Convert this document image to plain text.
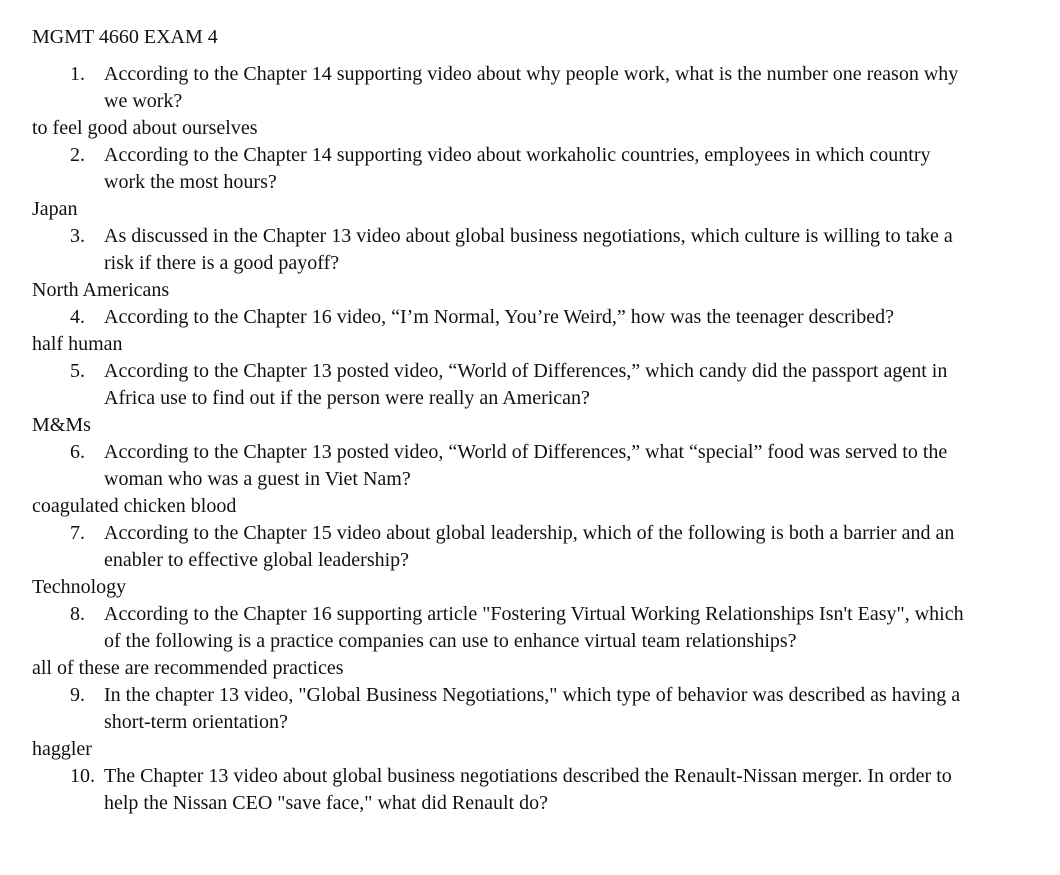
MGMT 4660 EXAM 4
1. According to the Chapter 14 supporting video about why people work, what is the number one reason why we work?
to feel good about ourselves
2. According to the Chapter 14 supporting video about workaholic countries, employees in which country work the most hours?
Japan
3. As discussed in the Chapter 13 video about global business negotiations, which culture is willing to take a risk if there is a good payoff?
North Americans
4. According to the Chapter 16 video, “I’m Normal, You’re Weird,” how was the teenager described?
half human
5. According to the Chapter 13 posted video, “World of Differences,” which candy did the passport agent in Africa use to find out if the person were really an American?
M&Ms
6. According to the Chapter 13 posted video, “World of Differences,” what “special” food was served to the woman who was a guest in Viet Nam?
coagulated chicken blood
7. According to the Chapter 15 video about global leadership, which of the following is both a barrier and an enabler to effective global leadership?
Technology
8. According to the Chapter 16 supporting article "Fostering Virtual Working Relationships Isn't Easy", which of the following is a practice companies can use to enhance virtual team relationships?
all of these are recommended practices
9. In the chapter 13 video, "Global Business Negotiations," which type of behavior was described as having a short-term orientation?
haggler
10. The Chapter 13 video about global business negotiations described the Renault-Nissan merger. In order to help the Nissan CEO "save face," what did Renault do?
